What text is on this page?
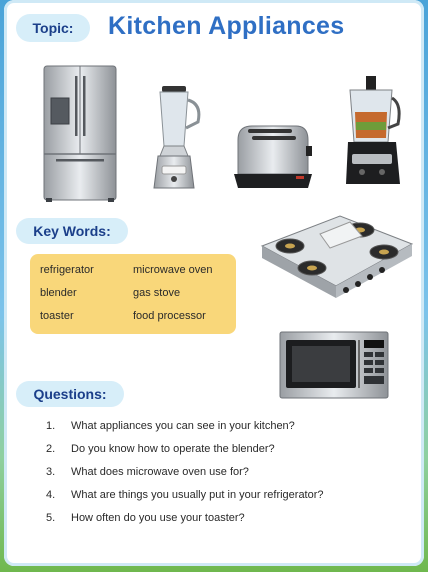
Topic:	Kitchen Appliances
Key Words:
refrigerator	microwave oven
blender	gas stove
toaster	food processor
Questions:
1. What appliances you can see in your kitchen?
2. Do you know how to operate the blender?
3. What does microwave oven use for?
4. What are things you usually put in your refrigerator?
5. How often do you use your toaster?
